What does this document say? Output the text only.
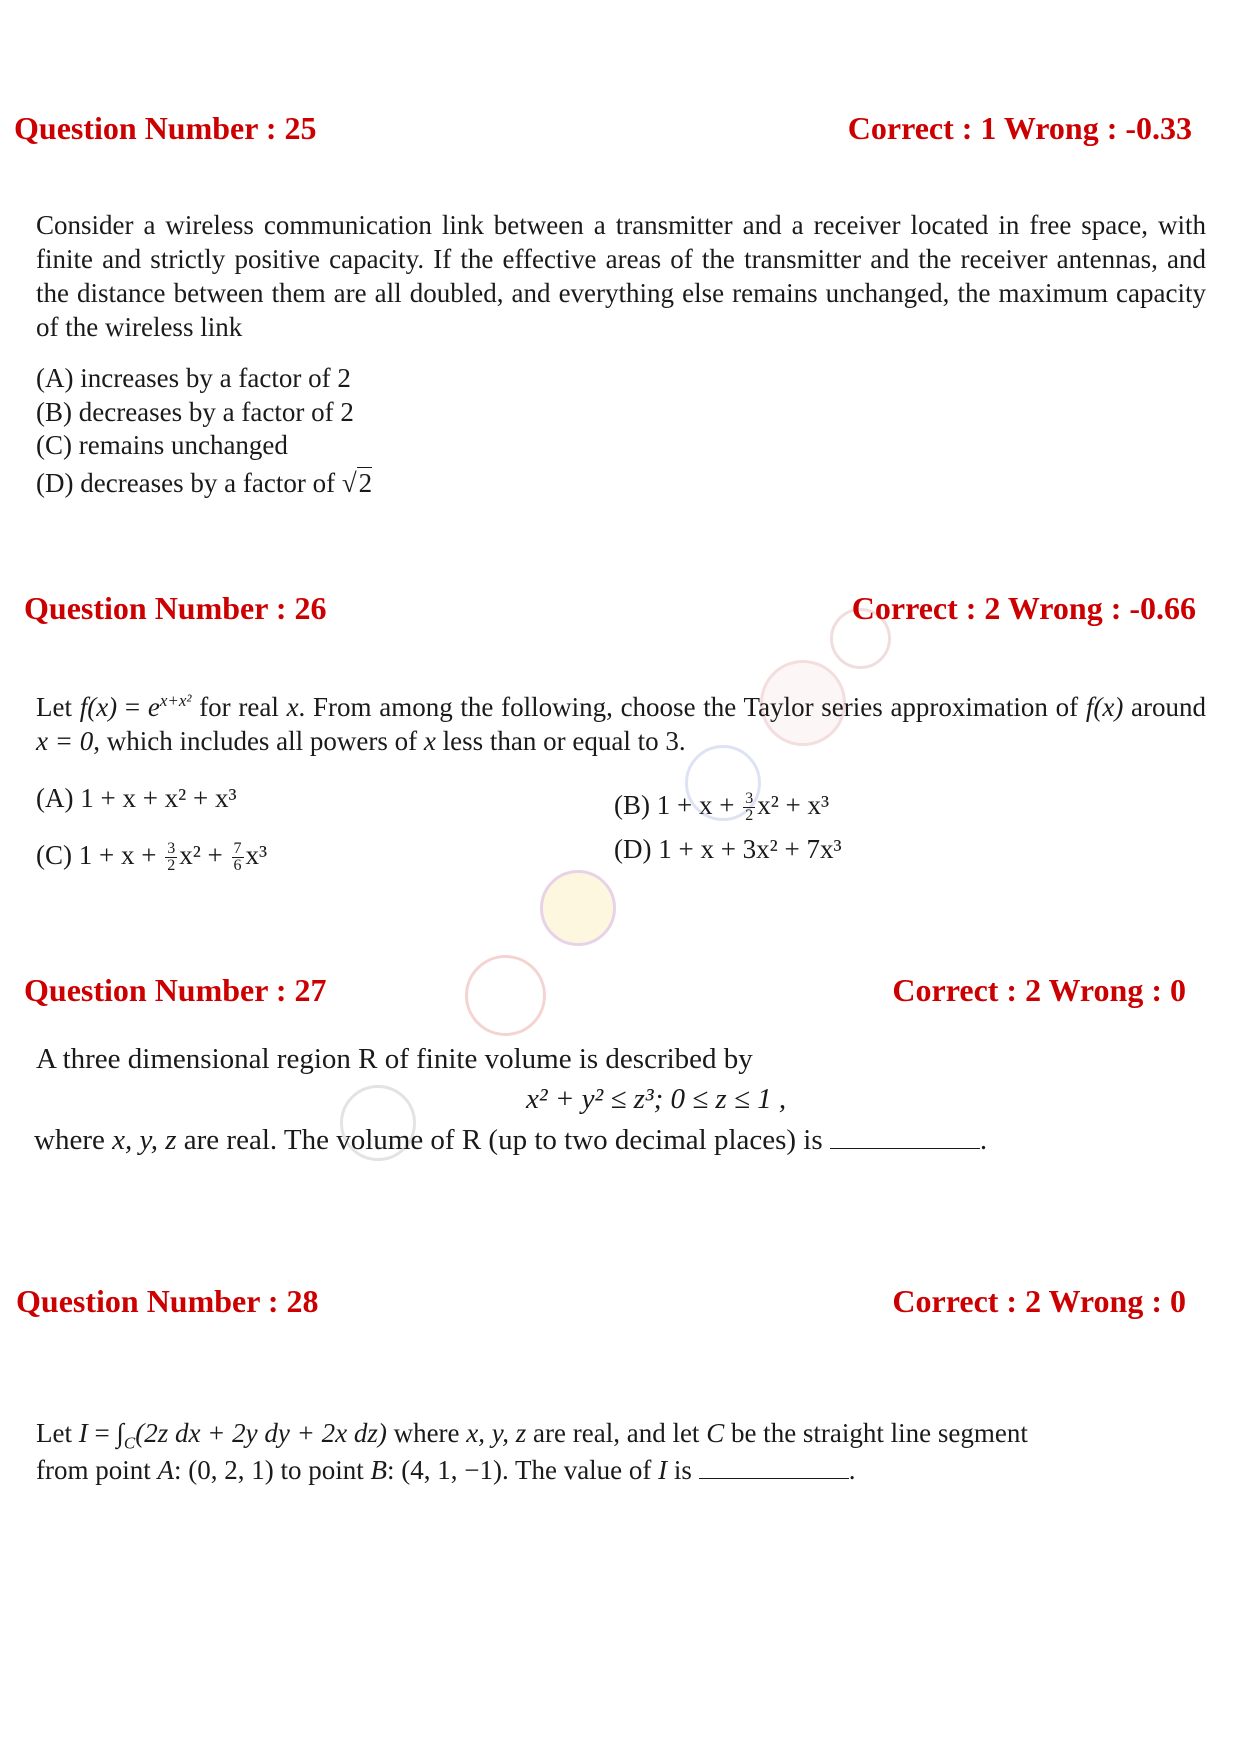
Question Number : 25	Correct : 1 Wrong : -0.33
Consider a wireless communication link between a transmitter and a receiver located in free space, with finite and strictly positive capacity. If the effective areas of the transmitter and the receiver antennas, and the distance between them are all doubled, and everything else remains unchanged, the maximum capacity of the wireless link
(A) increases by a factor of 2
(B) decreases by a factor of 2
(C) remains unchanged
(D) decreases by a factor of √2
Question Number : 26	Correct : 2 Wrong : -0.66
Let $f(x) = e^{x+x^2}$ for real x. From among the following, choose the Taylor series approximation of f(x) around x = 0, which includes all powers of x less than or equal to 3.
(A) 1 + x + x² + x³	(B) $1 + x + \frac{3}{2} x^2 + x^3$
(C) $1 + x + \frac{3}{2} x^2 + \frac{7}{6} x^3$	(D) 1 + x + 3x² + 7x³
Question Number : 27	Correct : 2 Wrong : 0
A three dimensional region R of finite volume is described by
x² + y² ≤ z³; 0 ≤ z ≤ 1 ,
where x, y, z are real. The volume of R (up to two decimal places) is	.
Question Number : 28	Correct : 2 Wrong : 0
Let $I = \int_C(2z$ dx + 2y dy + 2x dz) where x, y, z are real, and let C be the straight line segment
from point A: (0, 2, 1) to point B: (4, 1, −1). The value of I is	.
